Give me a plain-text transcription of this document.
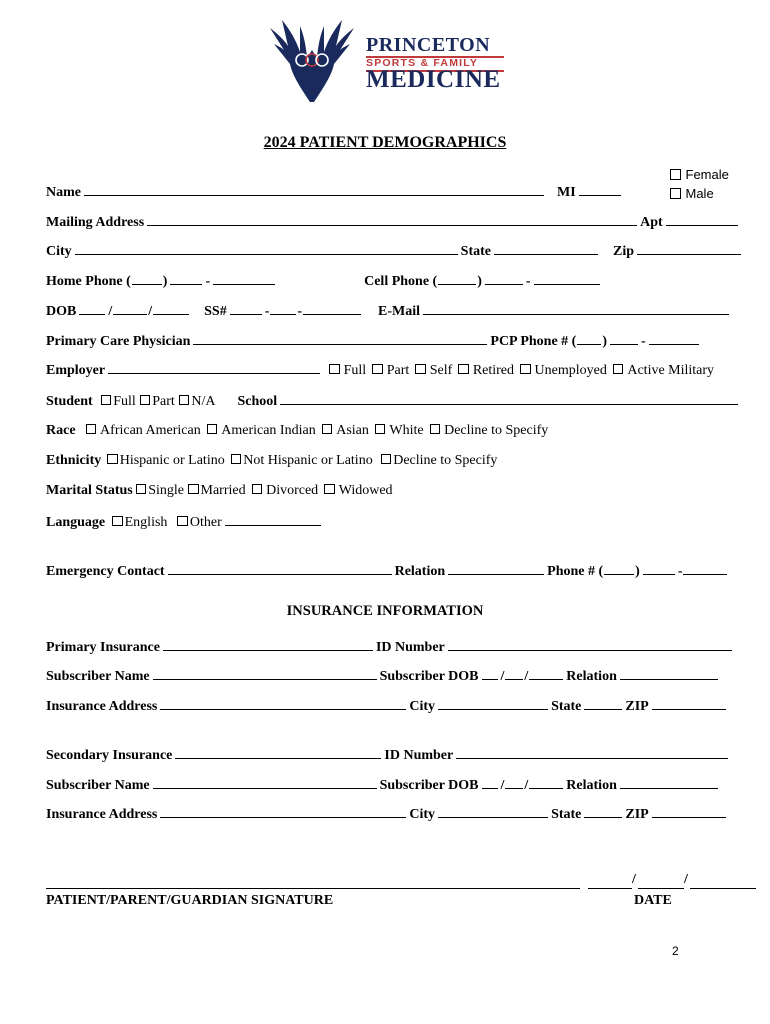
PRINCETON
SPORTS & FAMILY
MEDICINE
2024 PATIENT DEMOGRAPHICS
Female
Male
Name	MI
Mailing Address	Apt
City	State	Zip
Home Phone ( )	-	Cell Phone (	)	-
DOB /	/	SS#	- -	E-Mail
Primary Care Physician	PCP Phone # ( ) -
Employer	Full Part Self Retired Unemployed Active Military
Student Full Part N/A School
Race African American American Indian Asian White Decline to Specify
Ethnicity Hispanic or Latino Not Hispanic or Latino Decline to Specify
Marital Status Single Married Divorced Widowed
Language English Other
Emergency Contact	Relation	Phone # ( )	-
INSURANCE INFORMATION
Primary Insurance	ID Number
Subscriber Name	Subscriber DOB / /	Relation
Insurance Address	City	State	ZIP
Secondary Insurance	ID Number
Subscriber Name	Subscriber DOB / /	Relation
Insurance Address	City	State	ZIP
/	/
PATIENT/PARENT/GUARDIAN SIGNATURE	DATE
2
